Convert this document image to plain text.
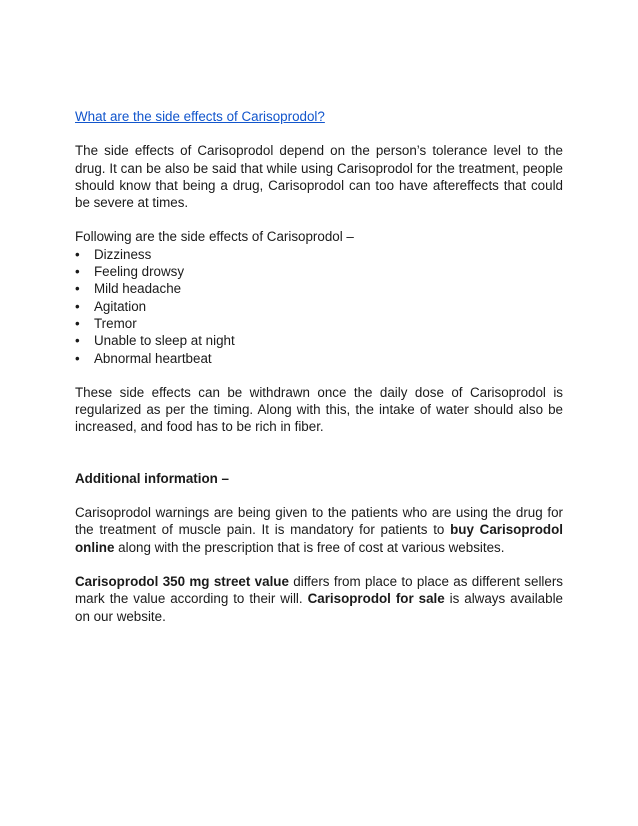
What are the side effects of Carisoprodol?

The side effects of Carisoprodol depend on the person’s tolerance level to the drug. It can be also be said that while using Carisoprodol for the treatment, people should know that being a drug, Carisoprodol can too have aftereffects that could be severe at times.

Following are the side effects of Carisoprodol –

•	Dizziness
•	Feeling drowsy
•	Mild headache
•	Agitation
•	Tremor
•	Unable to sleep at night
•	Abnormal heartbeat

These side effects can be withdrawn once the daily dose of Carisoprodol is regularized as per the timing. Along with this, the intake of water should also be increased, and food has to be rich in fiber.

Additional information –

Carisoprodol warnings are being given to the patients who are using the drug for the treatment of muscle pain. It is mandatory for patients to buy Carisoprodol online along with the prescription that is free of cost at various websites.

Carisoprodol 350 mg street value differs from place to place as different sellers mark the value according to their will. Carisoprodol for sale is always available on our website.
